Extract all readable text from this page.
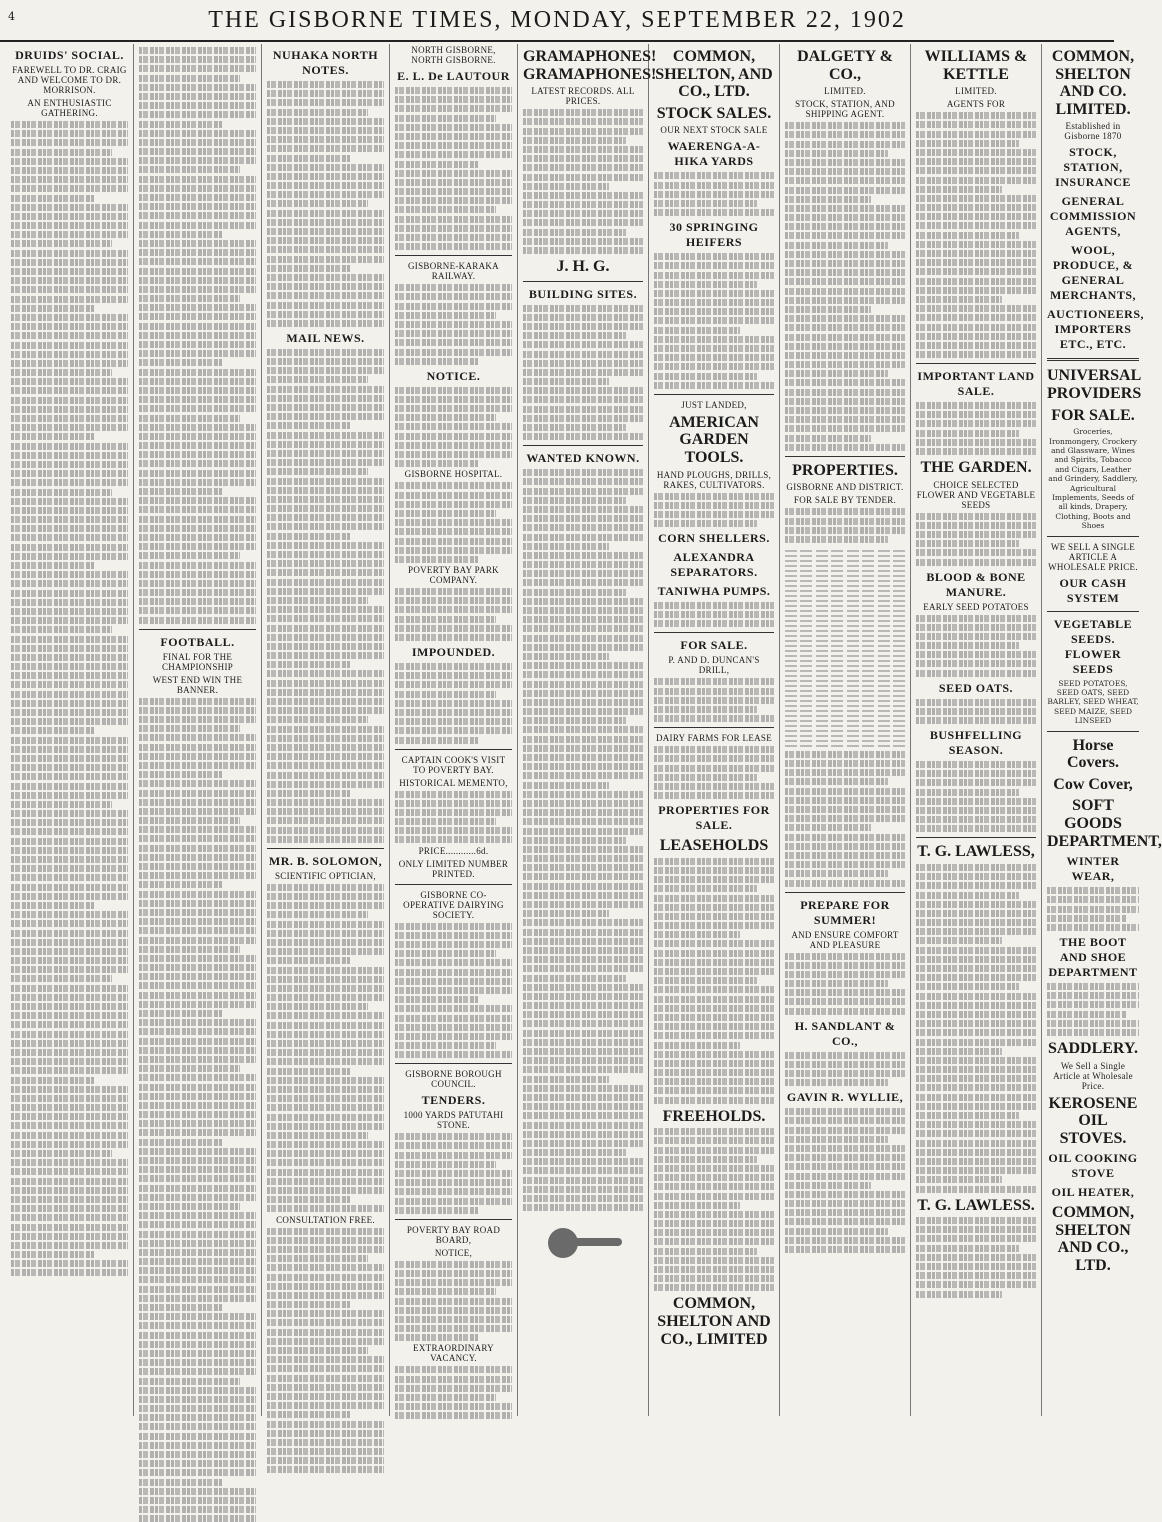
4	THE GISBORNE TIMES, MONDAY, SEPTEMBER 22, 1902
DRUIDS' SOCIAL.
FAREWELL TO DR. CRAIG AND WELCOME TO DR. MORRISON.
AN ENTHUSIASTIC GATHERING.
FOOTBALL.
FINAL FOR THE CHAMPIONSHIP
WEST END WIN THE BANNER.
NUHAKA NORTH NOTES.
MAIL NEWS.
MR. B. SOLOMON,
SCIENTIFIC OPTICIAN,
CONSULTATION FREE.
NORTH GISBORNE, NORTH GISBORNE.
E. L. De LAUTOUR
GISBORNE-KARAKA RAILWAY.
NOTICE.
GISBORNE HOSPITAL.
POVERTY BAY PARK COMPANY.
IMPOUNDED.
CAPTAIN COOK'S VISIT TO POVERTY BAY.
HISTORICAL MEMENTO,
PRICE............6d.
ONLY LIMITED NUMBER PRINTED.
GISBORNE CO-OPERATIVE DAIRYING SOCIETY.
GISBORNE BOROUGH COUNCIL.
TENDERS.
1000 YARDS PATUTAHI STONE.
POVERTY BAY ROAD BOARD,
NOTICE,
EXTRAORDINARY VACANCY.
GRAMAPHONES! GRAMAPHONES!
LATEST RECORDS. ALL PRICES.
J. H. G.
BUILDING SITES.
WANTED KNOWN.
COMMON, SHELTON, AND CO., LTD.
STOCK SALES.
OUR NEXT STOCK SALE
WAERENGA-A-HIKA YARDS
30 SPRINGING HEIFERS
JUST LANDED,
AMERICAN GARDEN TOOLS.
HAND PLOUGHS, DRILLS, RAKES, CULTIVATORS.
CORN SHELLERS.
ALEXANDRA SEPARATORS.
TANIWHA PUMPS.
FOR SALE.
P. AND D. DUNCAN'S DRILL,
DAIRY FARMS FOR LEASE
PROPERTIES FOR SALE.
LEASEHOLDS
FREEHOLDS.
COMMON, SHELTON AND CO., LIMITED
DALGETY & CO.,
LIMITED.
STOCK, STATION, AND SHIPPING AGENT.
PROPERTIES.
GISBORNE AND DISTRICT.
FOR SALE BY TENDER.
PREPARE FOR SUMMER!
AND ENSURE COMFORT AND PLEASURE
H. SANDLANT & CO.,
GAVIN R. WYLLIE,
WILLIAMS & KETTLE
LIMITED.
AGENTS FOR
IMPORTANT LAND SALE.
THE GARDEN.
CHOICE SELECTED FLOWER AND VEGETABLE SEEDS
BLOOD & BONE MANURE.
EARLY SEED POTATOES
SEED OATS.
BUSHFELLING SEASON.
T. G. LAWLESS,
T. G. LAWLESS.
COMMON, SHELTON AND CO. LIMITED.
Established in Gisborne 1870
STOCK, STATION, INSURANCE
GENERAL COMMISSION AGENTS,
WOOL, PRODUCE, & GENERAL MERCHANTS,
AUCTIONEERS, IMPORTERS ETC., ETC.
UNIVERSAL PROVIDERS
FOR SALE.
Groceries, Ironmongery, Crockery and Glassware, Wines and Spirits, Tobacco and Cigars, Leather and Grindery, Saddlery, Agricultural Implements, Seeds of all kinds, Drapery, Clothing, Boots and Shoes
WE SELL A SINGLE ARTICLE A WHOLESALE PRICE.
OUR CASH SYSTEM
VEGETABLE SEEDS. FLOWER SEEDS
SEED POTATOES, SEED OATS, SEED BARLEY, SEED WHEAT, SEED MAIZE, SEED LINSEED
Horse Covers.
Cow Cover,
SOFT GOODS DEPARTMENT,
WINTER WEAR,
THE BOOT AND SHOE DEPARTMENT
SADDLERY.
We Sell a Single Article at Wholesale Price.
KEROSENE OIL STOVES.
OIL COOKING STOVE
OIL HEATER,
COMMON, SHELTON AND CO., LTD.
